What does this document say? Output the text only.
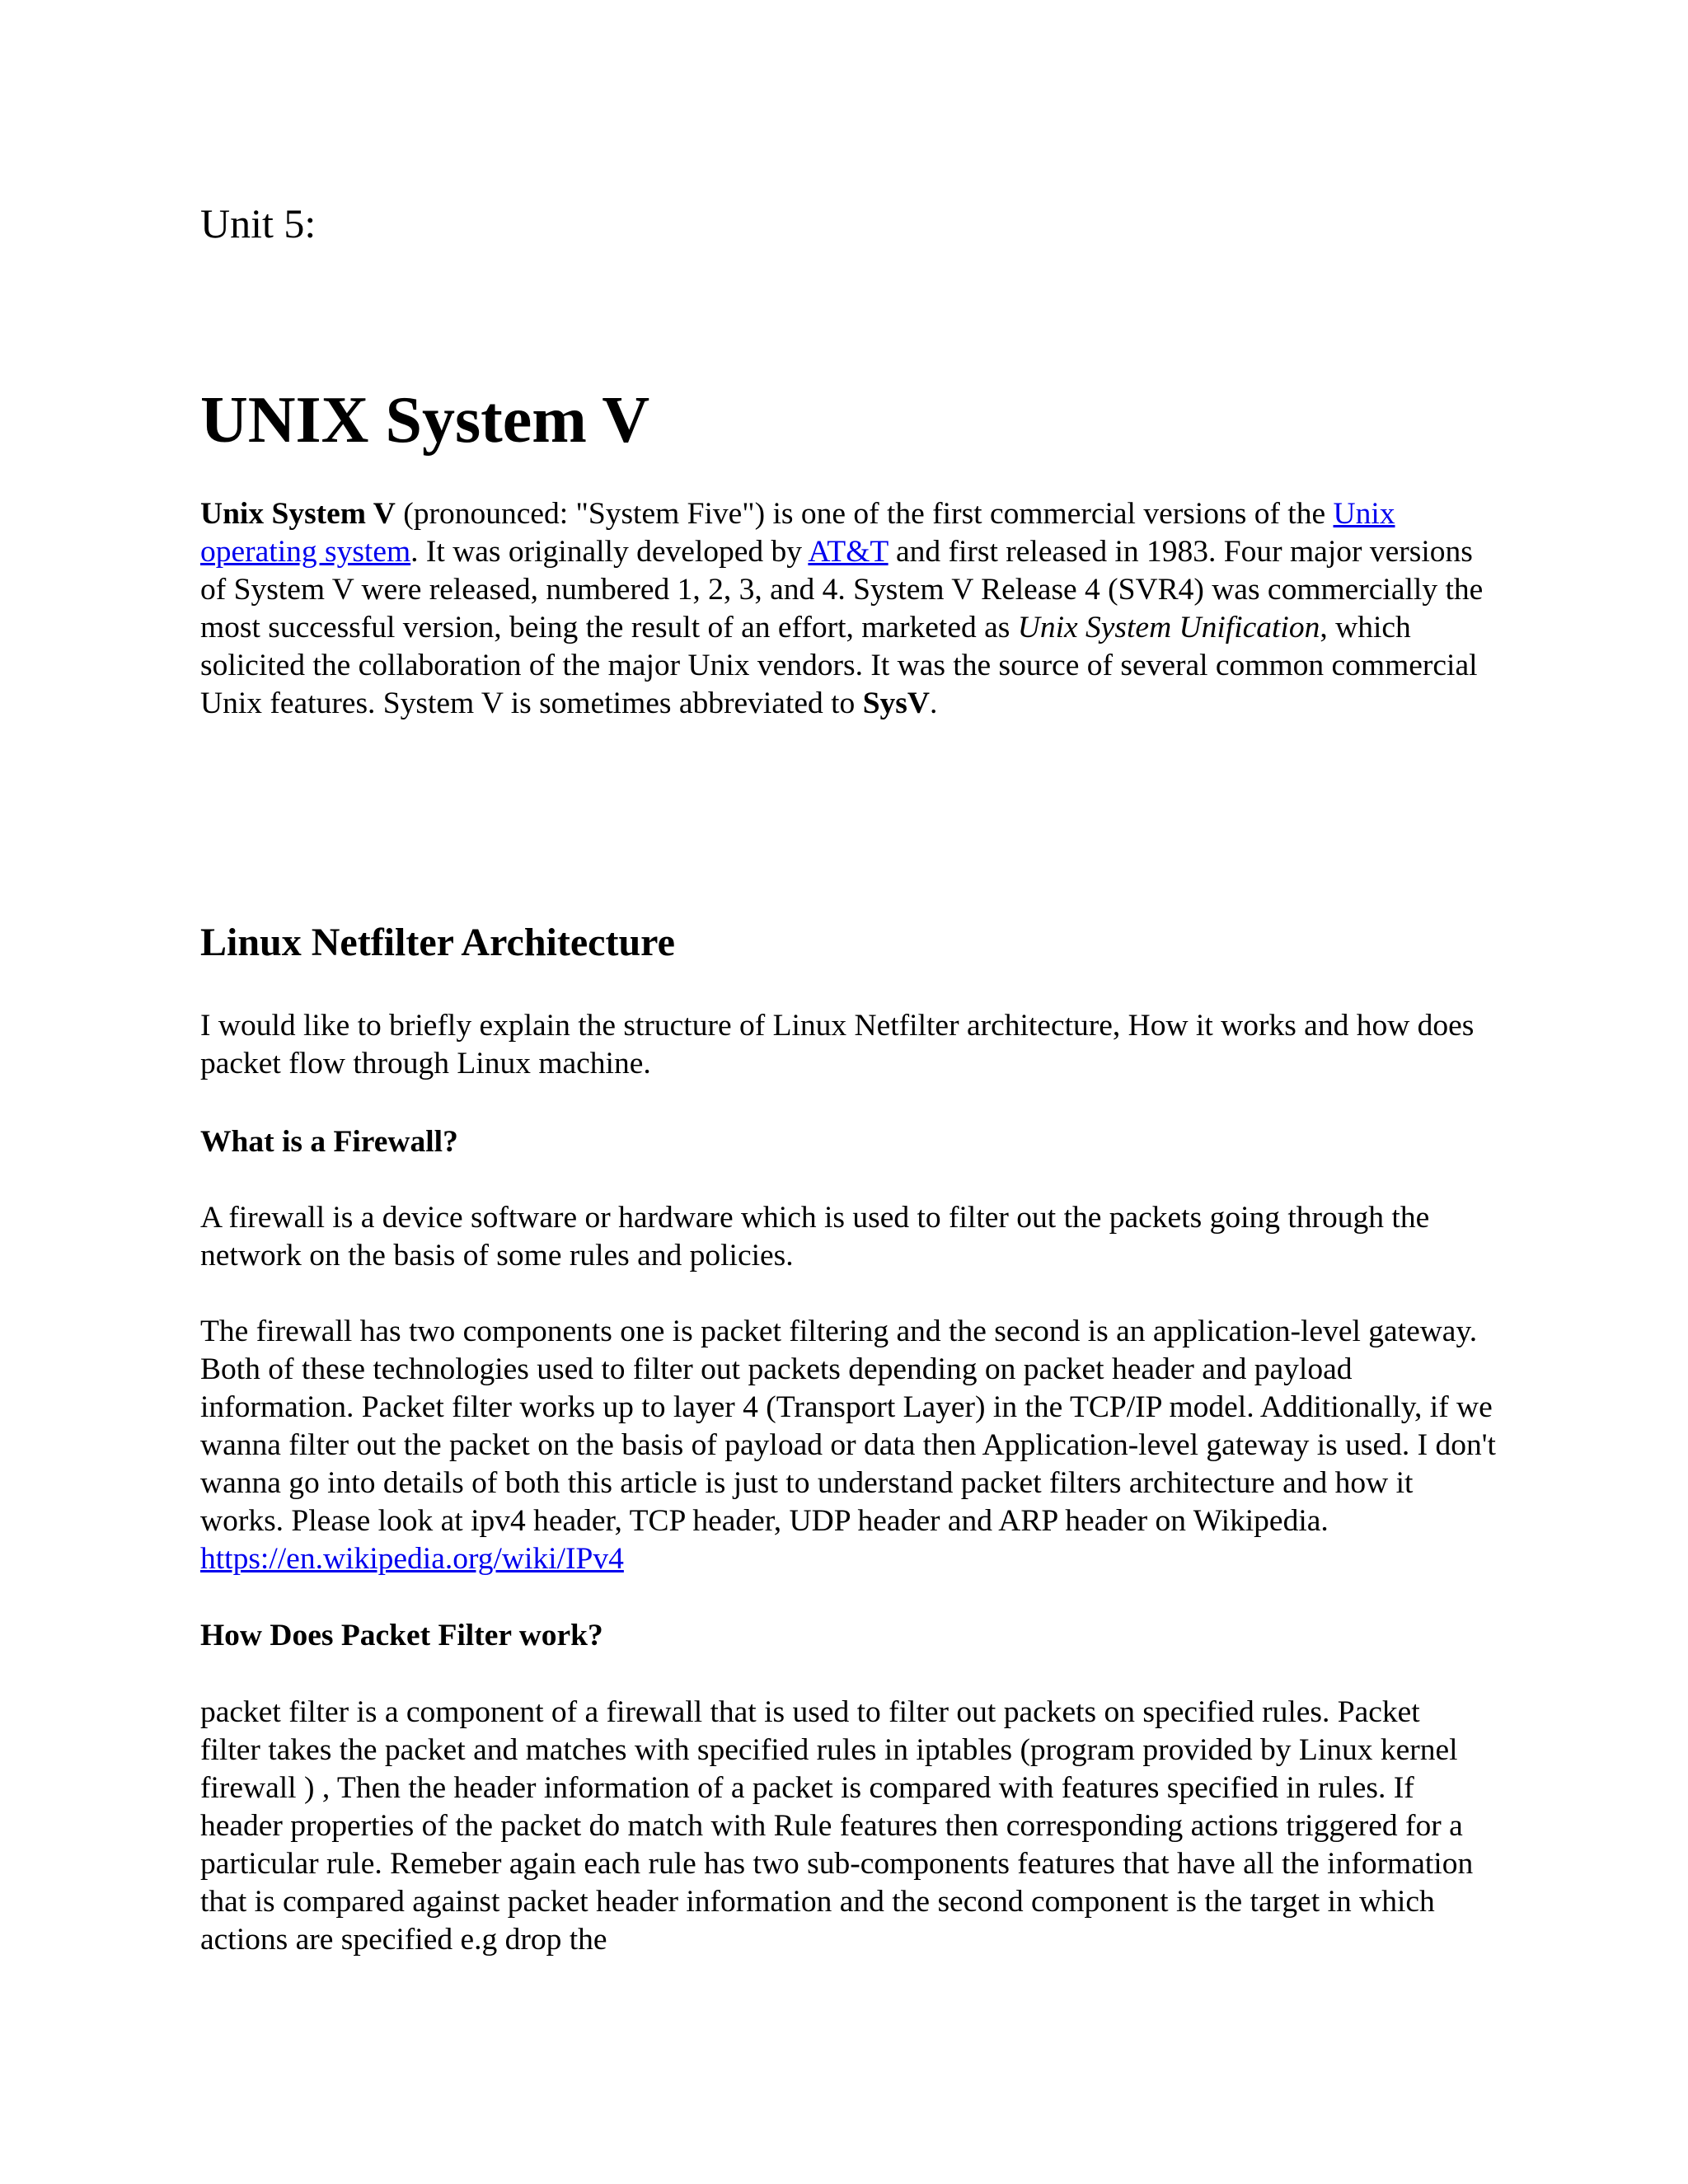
Unit 5:
UNIX System V

Unix System V (pronounced: "System Five") is one of the first commercial versions of the Unix operating system. It was originally developed by AT&T and first released in 1983. Four major versions of System V were released, numbered 1, 2, 3, and 4. System V Release 4 (SVR4) was commercially the most successful version, being the result of an effort, marketed as Unix System Unification, which solicited the collaboration of the major Unix vendors. It was the source of several common commercial Unix features. System V is sometimes abbreviated to SysV.

Linux Netfilter Architecture

I would like to briefly explain the structure of Linux Netfilter architecture, How it works and how does packet flow through Linux machine.

What is a Firewall?

A firewall is a device software or hardware which is used to filter out the packets going through the network on the basis of some rules and policies.

The firewall has two components one is packet filtering and the second is an application-level gateway. Both of these technologies used to filter out packets depending on packet header and payload information. Packet filter works up to layer 4 (Transport Layer) in the TCP/IP model. Additionally, if we wanna filter out the packet on the basis of payload or data then Application-level gateway is used. I don't wanna go into details of both this article is just to understand packet filters architecture and how it works. Please look at ipv4 header, TCP header, UDP header and ARP header on Wikipedia. https://en.wikipedia.org/wiki/IPv4

How Does Packet Filter work?

packet filter is a component of a firewall that is used to filter out packets on specified rules. Packet filter takes the packet and matches with specified rules in iptables (program provided by Linux kernel firewall ) , Then the header information of a packet is compared with features specified in rules. If header properties of the packet do match with Rule features then corresponding actions triggered for a particular rule. Remeber again each rule has two sub-components features that have all the information that is compared against packet header information and the second component is the target in which actions are specified e.g drop the
